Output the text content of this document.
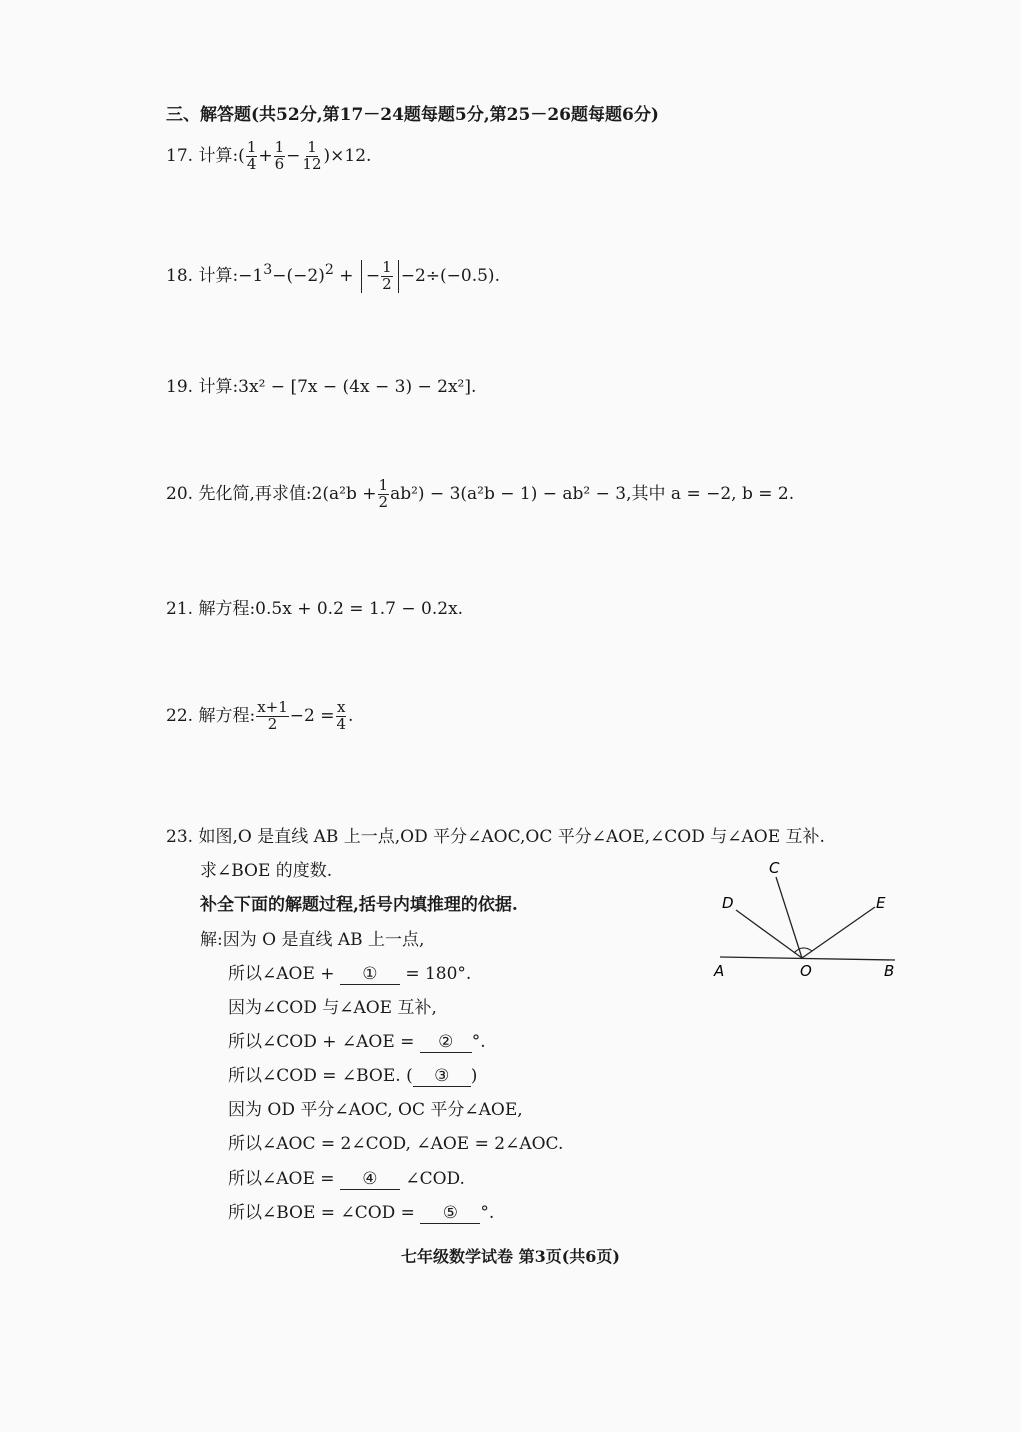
三、解答题(共52分,第17－24题每题5分,第25－26题每题6分)
17. 计算:( $\frac{1}{4} + \frac{1}{6} - \frac{1}{12} )\times 12$.
18. 计算$:-1^3-(-2)^2$ + − $\frac{1}{2} -2\div(-0.5)$.
19. 计算:3x² − [7x − (4x − 3) − 2x²].
20. 先化简,再求值:2(a²b + $\frac{1}{2} ab^2) - 3(a^2b - 1) - ab^2 - 3$,其中 a = −2, b = 2.
21. 解方程:0.5x + 0.2 = 1.7 − 0.2x.
22. 解方程: $\frac{x+1}{2} -2 = \frac{x}{4}$ .
23. 如图,O 是直线 AB 上一点,OD 平分∠AOC,OC 平分∠AOE,∠COD 与∠AOE 互补.
求∠BOE 的度数.
补全下面的解题过程,括号内填推理的依据.
解:因为 O 是直线 AB 上一点,
所以∠AOE + ① = 180°.
因为∠COD 与∠AOE 互补,
所以∠COD + ∠AOE = ② °.
所以∠COD = ∠BOE. ( ③ )
因为 OD 平分∠AOC, OC 平分∠AOE,
所以∠AOC = 2∠COD, ∠AOE = 2∠AOC.
所以∠AOE = ④ ∠COD.
所以∠BOE = ∠COD = ⑤ °.
A	O	B
C
D	E
七年级数学试卷 第3页(共6页)
